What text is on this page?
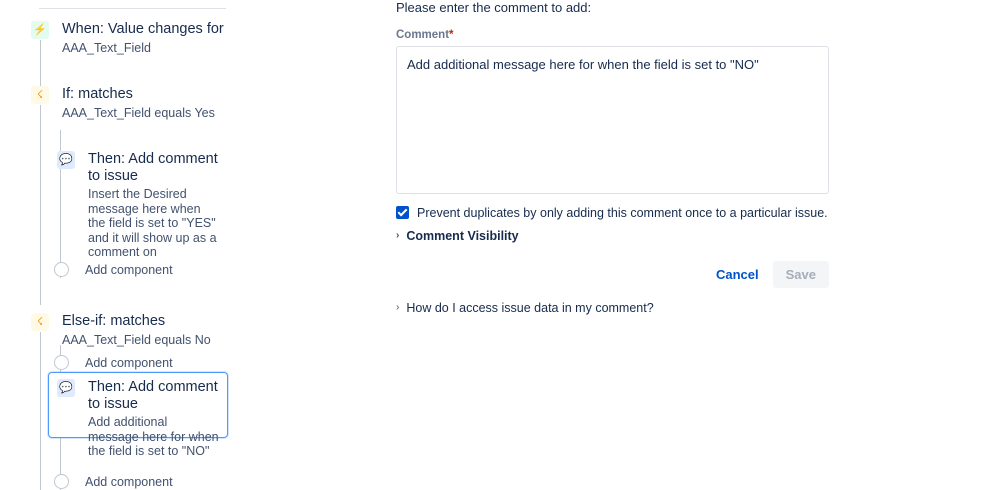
⚡ When: Value changes for
AAA_Text_Field
☇	If: matches
AAA_Text_Field equals Yes
💬 Then: Add comment to issue
Insert the Desired message here when the field is set to "YES" and it will show up as a comment on
Add component
☇	Else-if: matches
AAA_Text_Field equals No
Add component
💬 Then: Add comment to issue
Add additional message here for when the field is set to "NO"
Add component

Please enter the comment to add:

Comment*
Add additional message here for when the field is set to "NO"
Prevent duplicates by only adding this comment once to a particular issue.
› Comment Visibility
Cancel	Save
› How do I access issue data in my comment?
